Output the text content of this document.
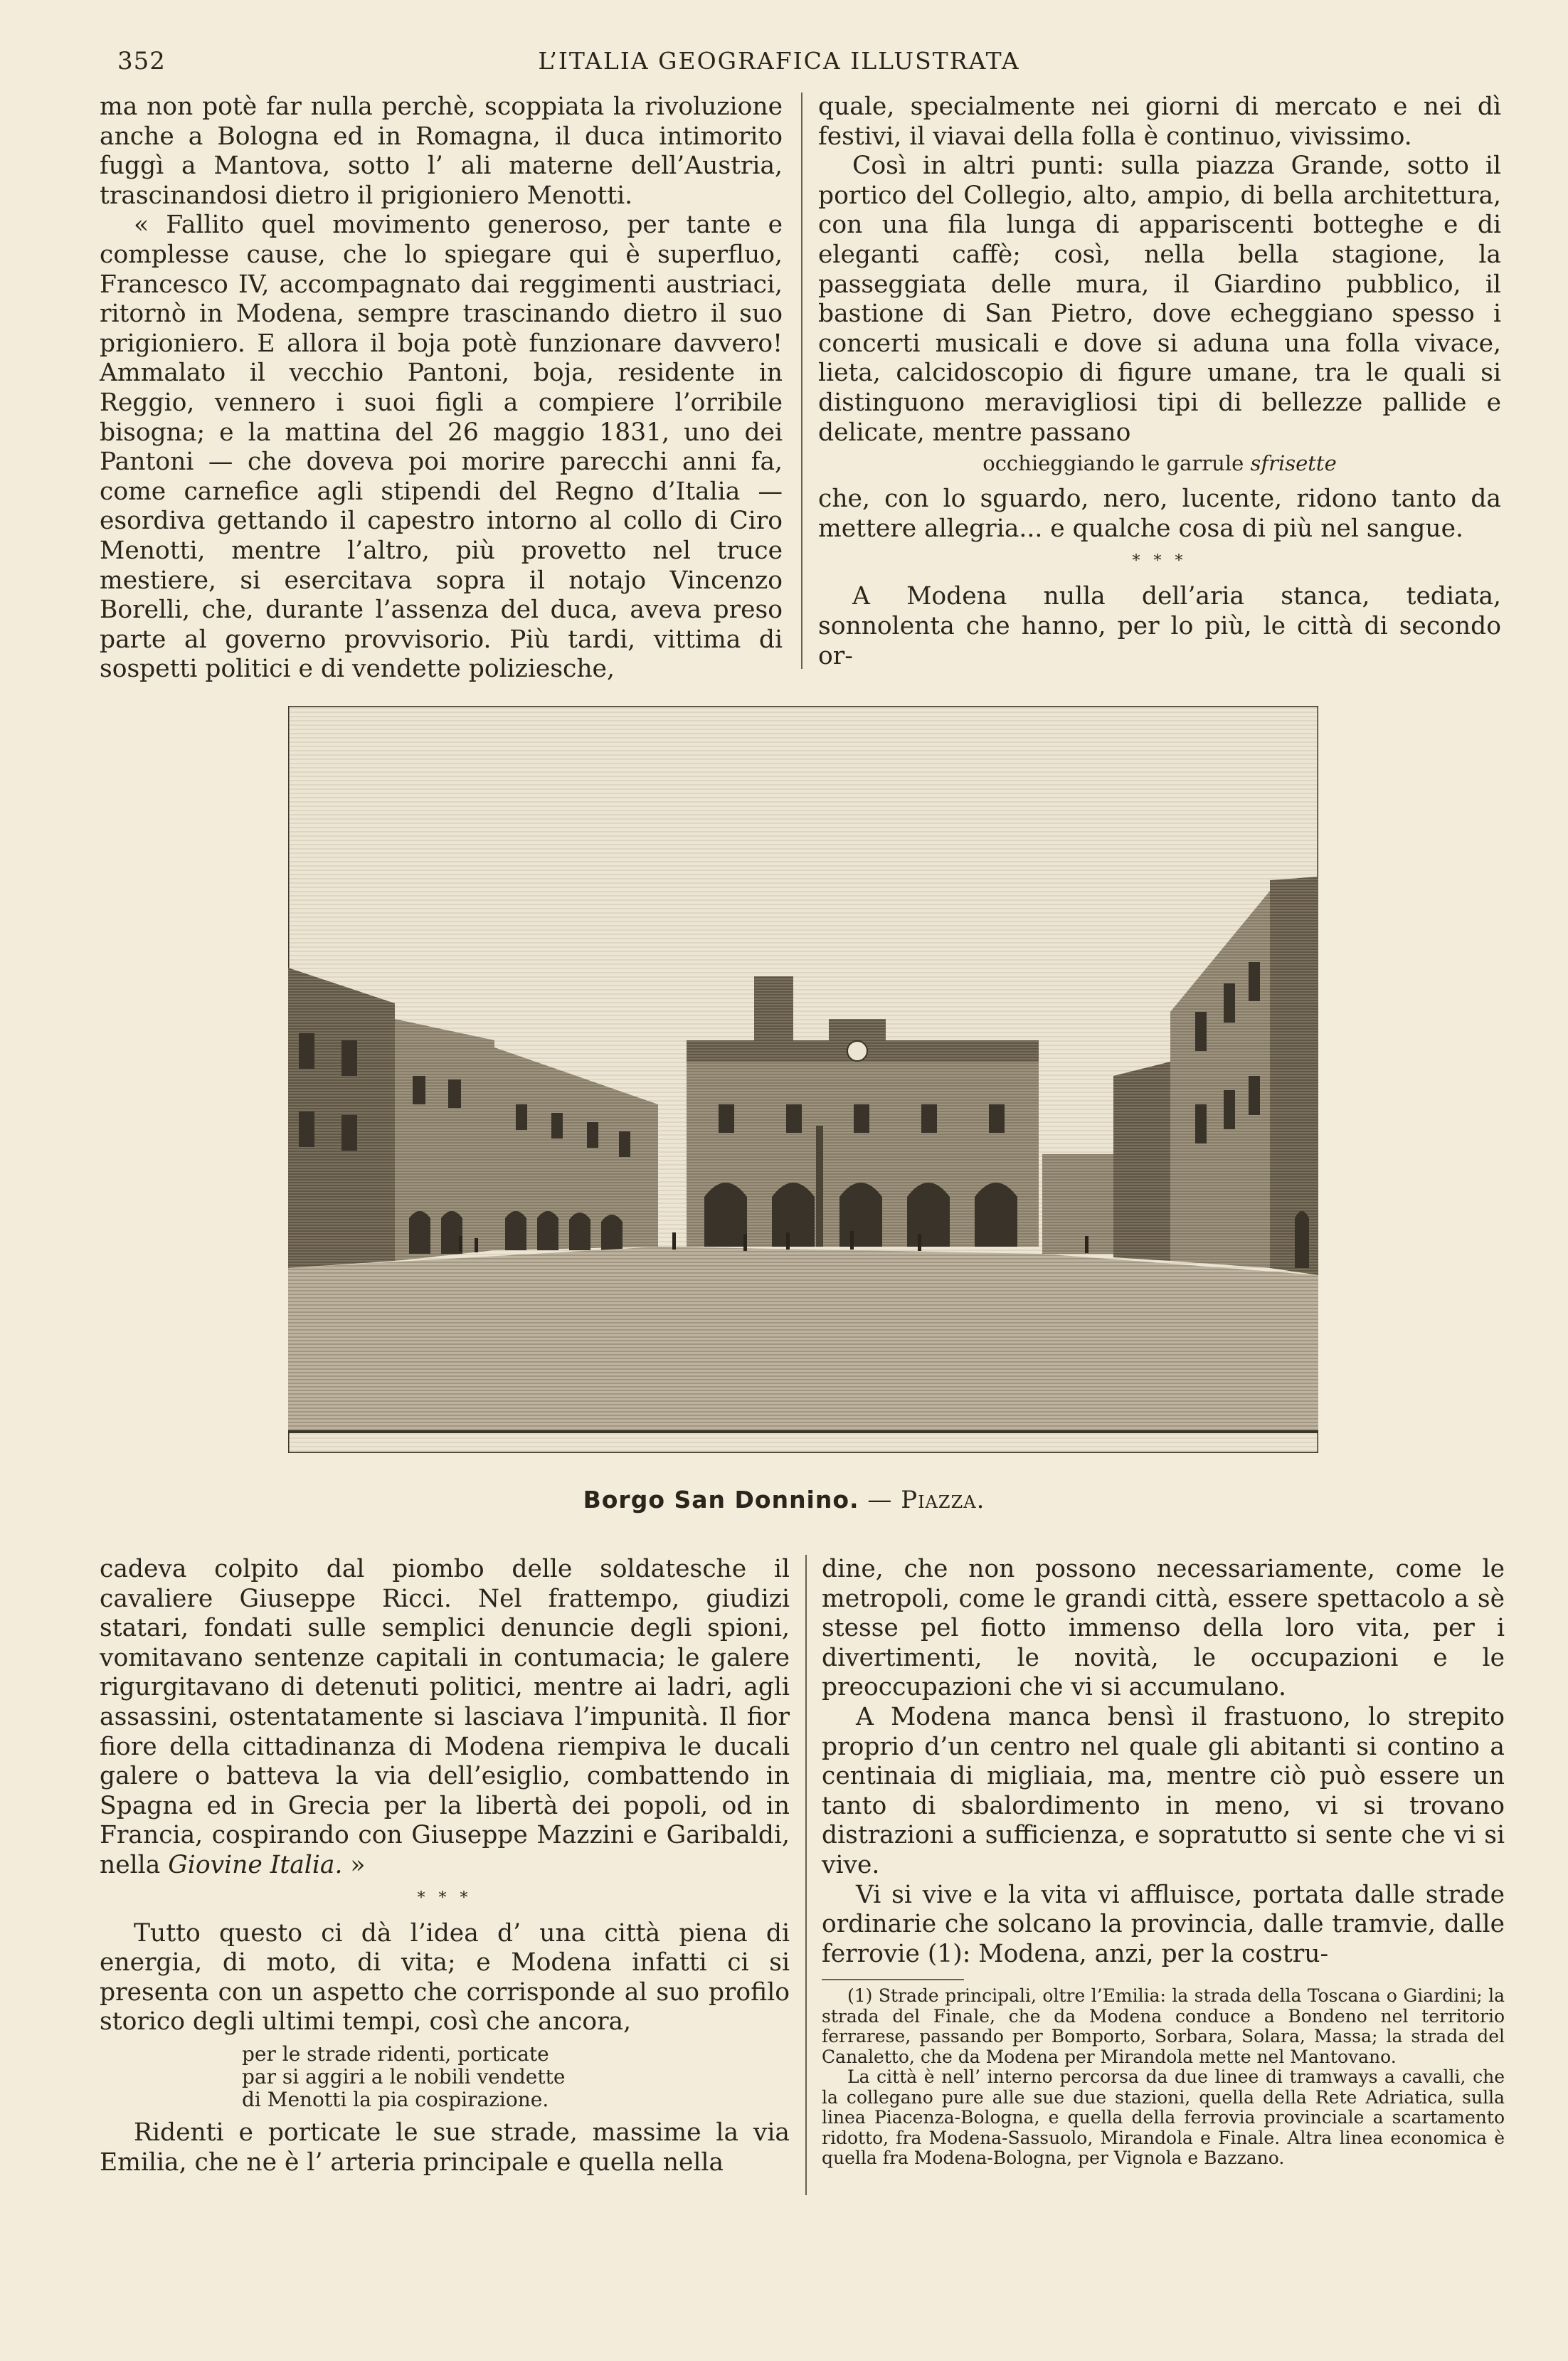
352	L’ITALIA GEOGRAFICA ILLUSTRATA

ma non potè far nulla perchè, scoppiata la rivoluzione anche a Bologna ed in Romagna, il duca intimorito fuggì a Mantova, sotto l’ ali materne dell’Austria, trascinandosi dietro il prigioniero Menotti.

« Fallito quel movimento generoso, per tante e complesse cause, che lo spiegare qui è superfluo, Francesco IV, accompagnato dai reggimenti austriaci, ritornò in Modena, sempre trascinando dietro il suo prigioniero. E allora il boja potè funzionare davvero! Ammalato il vecchio Pantoni, boja, residente in Reggio, vennero i suoi figli a compiere l’orribile bisogna; e la mattina del 26 maggio 1831, uno dei Pantoni — che doveva poi morire parecchi anni fa, come carnefice agli stipendi del Regno d’Italia — esordiva gettando il capestro intorno al collo di Ciro Menotti, mentre l’altro, più provetto nel truce mestiere, si esercitava sopra il notajo Vincenzo Borelli, che, durante l’assenza del duca, aveva preso parte al governo provvisorio. Più tardi, vittima di sospetti politici e di vendette poliziesche,

quale, specialmente nei giorni di mercato e nei dì festivi, il viavai della folla è continuo, vivissimo.

Così in altri punti: sulla piazza Grande, sotto il portico del Collegio, alto, ampio, di bella architettura, con una fila lunga di appariscenti botteghe e di eleganti caffè; così, nella bella stagione, la passeggiata delle mura, il Giardino pubblico, il bastione di San Pietro, dove echeggiano spesso i concerti musicali e dove si aduna una folla vivace, lieta, calcidoscopio di figure umane, tra le quali si distinguono meravigliosi tipi di bellezze pallide e delicate, mentre passano

occhieggiando le garrule sfrisette

che, con lo sguardo, nero, lucente, ridono tanto da mettere allegria... e qualche cosa di più nel sangue.

* * *

A Modena nulla dell’aria stanca, tediata, sonnolenta che hanno, per lo più, le città di secondo or-

Borgo San Donnino. — Piazza.

cadeva colpito dal piombo delle soldatesche il cavaliere Giuseppe Ricci. Nel frattempo, giudizi statari, fondati sulle semplici denuncie degli spioni, vomitavano sentenze capitali in contumacia; le galere rigurgitavano di detenuti politici, mentre ai ladri, agli assassini, ostentatamente si lasciava l’impunità. Il fior fiore della cittadinanza di Modena riempiva le ducali galere o batteva la via dell’esiglio, combattendo in Spagna ed in Grecia per la libertà dei popoli, od in Francia, cospirando con Giuseppe Mazzini e Garibaldi, nella Giovine Italia. »

* * *

Tutto questo ci dà l’idea d’ una città piena di energia, di moto, di vita; e Modena infatti ci si presenta con un aspetto che corrisponde al suo profilo storico degli ultimi tempi, così che ancora,

per le strade ridenti, porticate
par si aggiri a le nobili vendette
di Menotti la pia cospirazione.

Ridenti e porticate le sue strade, massime la via Emilia, che ne è l’ arteria principale e quella nella

dine, che non possono necessariamente, come le metropoli, come le grandi città, essere spettacolo a sè stesse pel fiotto immenso della loro vita, per i divertimenti, le novità, le occupazioni e le preoccupazioni che vi si accumulano.

A Modena manca bensì il frastuono, lo strepito proprio d’un centro nel quale gli abitanti si contino a centinaia di migliaia, ma, mentre ciò può essere un tanto di sbalordimento in meno, vi si trovano distrazioni a sufficienza, e sopratutto si sente che vi si vive.

Vi si vive e la vita vi affluisce, portata dalle strade ordinarie che solcano la provincia, dalle tramvie, dalle ferrovie (1): Modena, anzi, per la costru-

(1) Strade principali, oltre l’Emilia: la strada della Toscana o Giardini; la strada del Finale, che da Modena conduce a Bondeno nel territorio ferrarese, passando per Bomporto, Sorbara, Solara, Massa; la strada del Canaletto, che da Modena per Mirandola mette nel Mantovano.

La città è nell’ interno percorsa da due linee di tramways a cavalli, che la collegano pure alle sue due stazioni, quella della Rete Adriatica, sulla linea Piacenza-Bologna, e quella della ferrovia provinciale a scartamento ridotto, fra Modena-Sassuolo, Mirandola e Finale. Altra linea economica è quella fra Modena-Bologna, per Vignola e Bazzano.
